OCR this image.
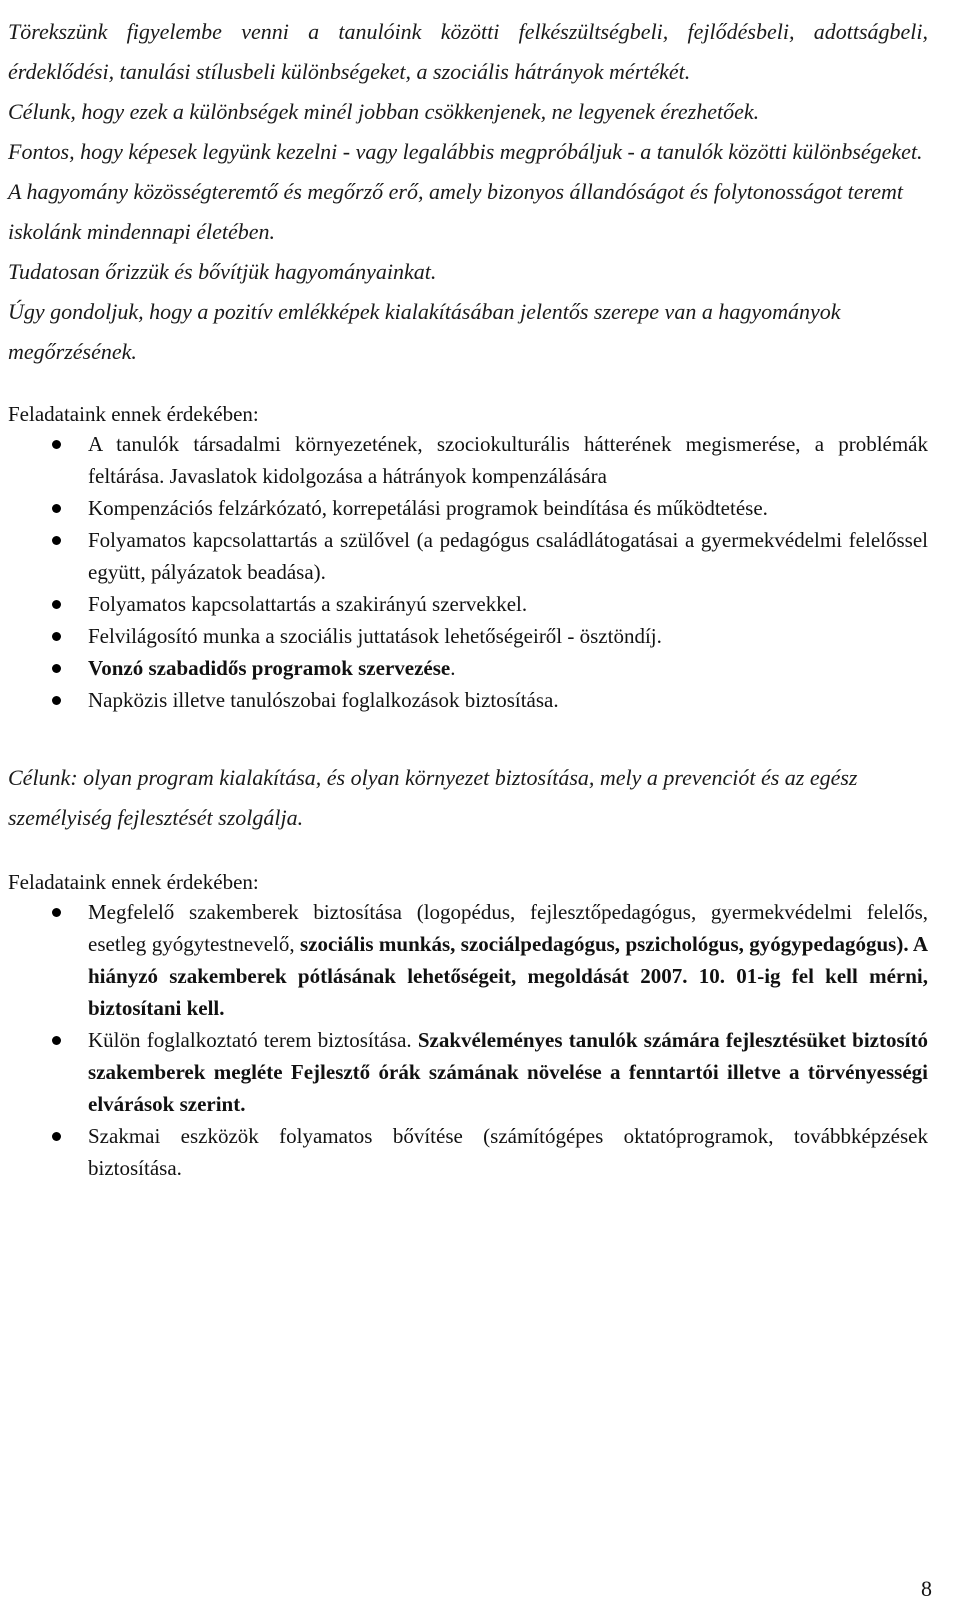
Törekszünk figyelembe venni a tanulóink közötti felkészültségbeli, fejlődésbeli, adottságbeli, érdeklődési, tanulási stílusbeli különbségeket, a szociális hátrányok mértékét.

Célunk, hogy ezek a különbségek minél jobban csökkenjenek, ne legyenek érezhetőek.

Fontos, hogy képesek legyünk kezelni - vagy legalábbis megpróbáljuk - a tanulók közötti különbségeket.

A hagyomány közösségteremtő és megőrző erő, amely bizonyos állandóságot és folytonosságot teremt iskolánk mindennapi életében.

Tudatosan őrizzük és bővítjük hagyományainkat.

Úgy gondoljuk, hogy a pozitív emlékképek kialakításában jelentős szerepe van a hagyományok megőrzésének.

Feladataink ennek érdekében:

A tanulók társadalmi környezetének, szociokulturális hátterének megismerése, a problémák feltárása. Javaslatok kidolgozása a hátrányok kompenzálására
Kompenzációs felzárkózató, korrepetálási programok beindítása és működtetése.
Folyamatos kapcsolattartás a szülővel (a pedagógus családlátogatásai a gyermekvédelmi felelőssel együtt, pályázatok beadása).
Folyamatos kapcsolattartás a szakirányú szervekkel.
Felvilágosító munka a szociális juttatások lehetőségeiről - ösztöndíj.
Vonzó szabadidős programok szervezése.
Napközis illetve tanulószobai foglalkozások biztosítása.

Célunk: olyan program kialakítása, és olyan környezet biztosítása, mely a prevenciót és az egész személyiség fejlesztését szolgálja.

Feladataink ennek érdekében:

Megfelelő szakemberek biztosítása (logopédus, fejlesztőpedagógus, gyermekvédelmi felelős, esetleg gyógytestnevelő, szociális munkás, szociálpedagógus, pszichológus, gyógypedagógus). A hiányzó szakemberek pótlásának lehetőségeit, megoldását 2007. 10. 01-ig fel kell mérni, biztosítani kell.
Külön foglalkoztató terem biztosítása. Szakvéleményes tanulók számára fejlesztésüket biztosító szakemberek megléte Fejlesztő órák számának növelése a fenntartói illetve a törvényességi elvárások szerint.
Szakmai eszközök folyamatos bővítése (számítógépes oktatóprogramok, továbbképzések biztosítása.
8
